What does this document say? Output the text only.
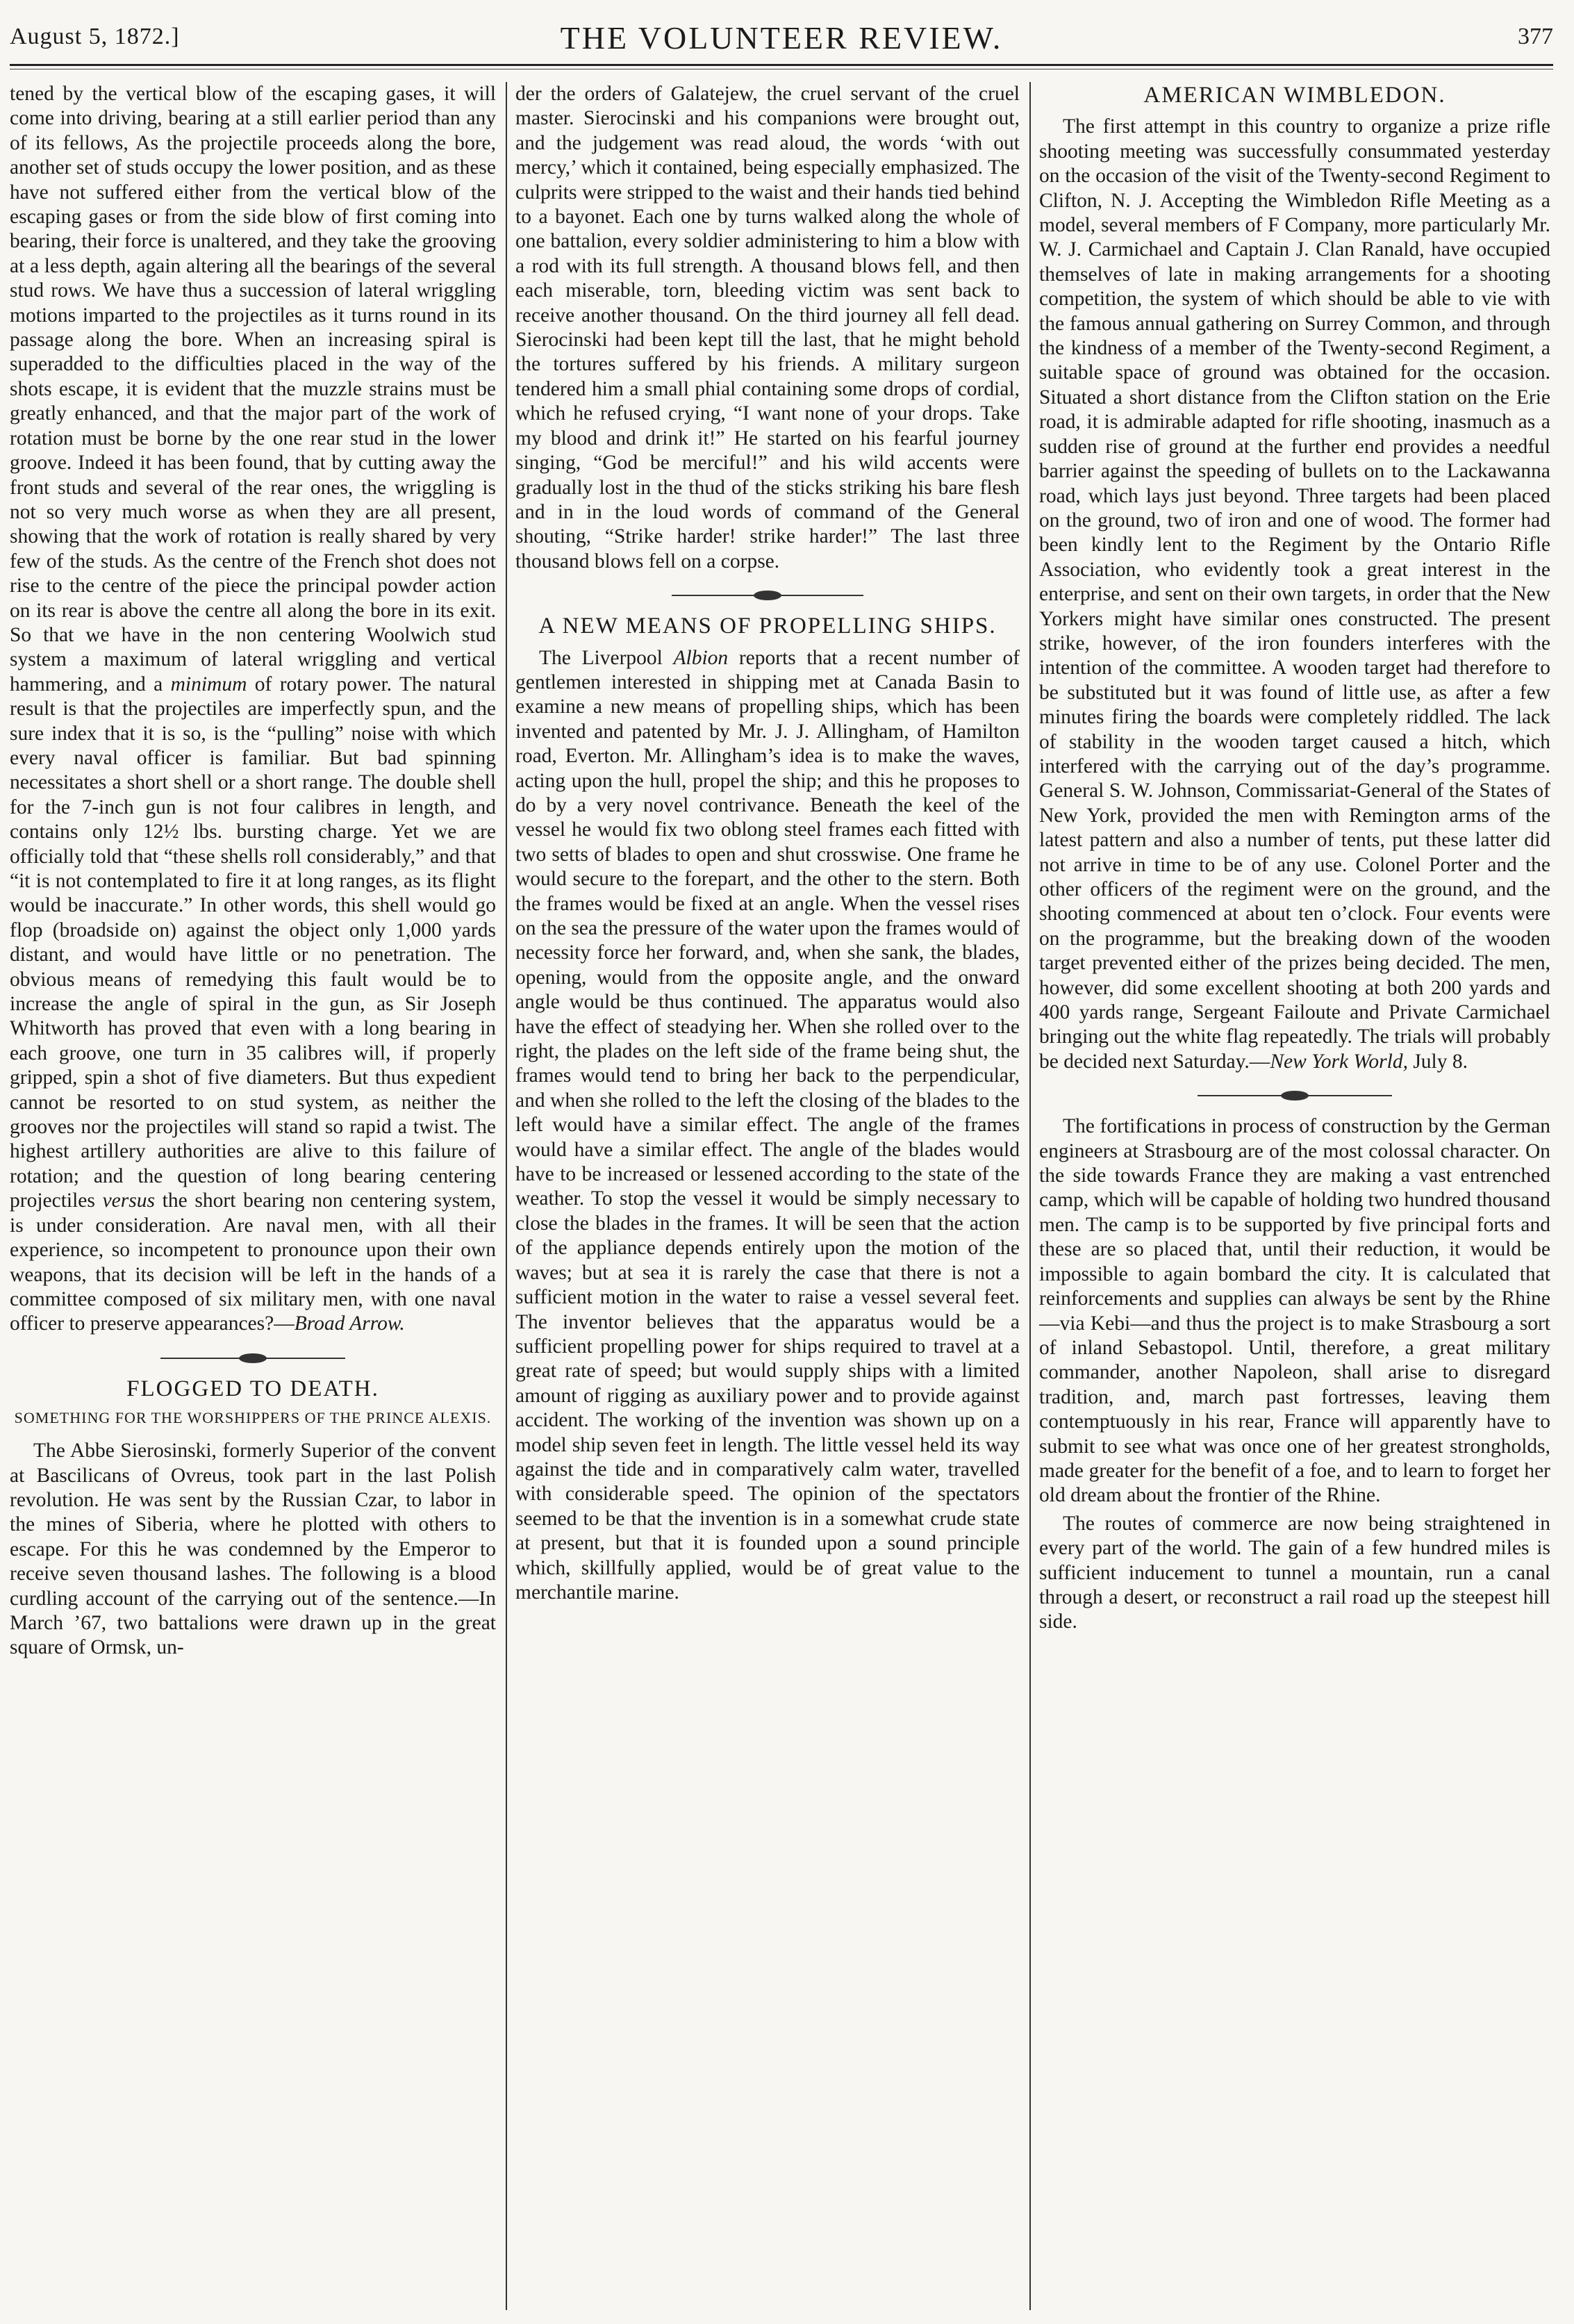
August 5, 1872.]	THE VOLUNTEER REVIEW.	377

tened by the vertical blow of the escaping gases, it will come into driving, bearing at a still earlier period than any of its fellows, As the projectile proceeds along the bore, another set of studs occupy the lower position, and as these have not suffered either from the vertical blow of the escaping gases or from the side blow of first coming into bearing, their force is unaltered, and they take the grooving at a less depth, again altering all the bearings of the several stud rows. We have thus a succession of lateral wriggling motions imparted to the projectiles as it turns round in its passage along the bore. When an increasing spiral is superadded to the difficulties placed in the way of the shots escape, it is evident that the muzzle strains must be greatly enhanced, and that the major part of the work of rotation must be borne by the one rear stud in the lower groove. Indeed it has been found, that by cutting away the front studs and several of the rear ones, the wriggling is not so very much worse as when they are all present, showing that the work of rotation is really shared by very few of the studs. As the centre of the French shot does not rise to the centre of the piece the principal powder action on its rear is above the centre all along the bore in its exit. So that we have in the non centering Woolwich stud system a maximum of lateral wriggling and vertical hammering, and a minimum of rotary power. The natural result is that the projectiles are imperfectly spun, and the sure index that it is so, is the “pulling” noise with which every naval officer is familiar. But bad spinning necessitates a short shell or a short range. The double shell for the 7-inch gun is not four calibres in length, and contains only 12½ lbs. bursting charge. Yet we are officially told that “these shells roll considerably,” and that “it is not contemplated to fire it at long ranges, as its flight would be inaccurate.” In other words, this shell would go flop (broadside on) against the object only 1,000 yards distant, and would have little or no penetration. The obvious means of remedying this fault would be to increase the angle of spiral in the gun, as Sir Joseph Whitworth has proved that even with a long bearing in each groove, one turn in 35 calibres will, if properly gripped, spin a shot of five diameters. But thus expedient cannot be resorted to on stud system, as neither the grooves nor the projectiles will stand so rapid a twist. The highest artillery authorities are alive to this failure of rotation; and the question of long bearing centering projectiles versus the short bearing non centering system, is under consideration. Are naval men, with all their experience, so incompetent to pronounce upon their own weapons, that its decision will be left in the hands of a committee composed of six military men, with one naval officer to preserve appearances?—Broad Arrow.

FLOGGED TO DEATH.
SOMETHING FOR THE WORSHIPPERS OF THE PRINCE ALEXIS.

The Abbe Sierosinski, formerly Superior of the convent at Bascilicans of Ovreus, took part in the last Polish revolution. He was sent by the Russian Czar, to labor in the mines of Siberia, where he plotted with others to escape. For this he was condemned by the Emperor to receive seven thousand lashes. The following is a blood curdling account of the carrying out of the sentence.—In March ’67, two battalions were drawn up in the great square of Ormsk, un-

der the orders of Galatejew, the cruel servant of the cruel master. Sierocinski and his companions were brought out, and the judgement was read aloud, the words ‘with out mercy,’ which it contained, being especially emphasized. The culprits were stripped to the waist and their hands tied behind to a bayonet. Each one by turns walked along the whole of one battalion, every soldier administering to him a blow with a rod with its full strength. A thousand blows fell, and then each miserable, torn, bleeding victim was sent back to receive another thousand. On the third journey all fell dead. Sierocinski had been kept till the last, that he might behold the tortures suffered by his friends. A military surgeon tendered him a small phial containing some drops of cordial, which he refused crying, “I want none of your drops. Take my blood and drink it!” He started on his fearful journey singing, “God be merciful!” and his wild accents were gradually lost in the thud of the sticks striking his bare flesh and in in the loud words of command of the General shouting, “Strike harder! strike harder!” The last three thousand blows fell on a corpse.

A NEW MEANS OF PROPELLING SHIPS.

The Liverpool Albion reports that a recent number of gentlemen interested in shipping met at Canada Basin to examine a new means of propelling ships, which has been invented and patented by Mr. J. J. Allingham, of Hamilton road, Everton. Mr. Allingham’s idea is to make the waves, acting upon the hull, propel the ship; and this he proposes to do by a very novel contrivance. Beneath the keel of the vessel he would fix two oblong steel frames each fitted with two setts of blades to open and shut crosswise. One frame he would secure to the forepart, and the other to the stern. Both the frames would be fixed at an angle. When the vessel rises on the sea the pressure of the water upon the frames would of necessity force her forward, and, when she sank, the blades, opening, would from the opposite angle, and the onward angle would be thus continued. The apparatus would also have the effect of steadying her. When she rolled over to the right, the plades on the left side of the frame being shut, the frames would tend to bring her back to the perpendicular, and when she rolled to the left the closing of the blades to the left would have a similar effect. The angle of the frames would have a similar effect. The angle of the blades would have to be increased or lessened according to the state of the weather. To stop the vessel it would be simply necessary to close the blades in the frames. It will be seen that the action of the appliance depends entirely upon the motion of the waves; but at sea it is rarely the case that there is not a sufficient motion in the water to raise a vessel several feet. The inventor believes that the apparatus would be a sufficient propelling power for ships required to travel at a great rate of speed; but would supply ships with a limited amount of rigging as auxiliary power and to provide against accident. The working of the invention was shown up on a model ship seven feet in length. The little vessel held its way against the tide and in comparatively calm water, travelled with considerable speed. The opinion of the spectators seemed to be that the invention is in a somewhat crude state at present, but that it is founded upon a sound principle which, skillfully applied, would be of great value to the merchantile marine.

AMERICAN WIMBLEDON.

The first attempt in this country to organize a prize rifle shooting meeting was successfully consummated yesterday on the occasion of the visit of the Twenty-second Regiment to Clifton, N. J. Accepting the Wimbledon Rifle Meeting as a model, several members of F Company, more particularly Mr. W. J. Carmichael and Captain J. Clan Ranald, have occupied themselves of late in making arrangements for a shooting competition, the system of which should be able to vie with the famous annual gathering on Surrey Common, and through the kindness of a member of the Twenty-second Regiment, a suitable space of ground was obtained for the occasion. Situated a short distance from the Clifton station on the Erie road, it is admirable adapted for rifle shooting, inasmuch as a sudden rise of ground at the further end provides a needful barrier against the speeding of bullets on to the Lackawanna road, which lays just beyond. Three targets had been placed on the ground, two of iron and one of wood. The former had been kindly lent to the Regiment by the Ontario Rifle Association, who evidently took a great interest in the enterprise, and sent on their own targets, in order that the New Yorkers might have similar ones constructed. The present strike, however, of the iron founders interferes with the intention of the committee. A wooden target had therefore to be substituted but it was found of little use, as after a few minutes firing the boards were completely riddled. The lack of stability in the wooden target caused a hitch, which interfered with the carrying out of the day’s programme. General S. W. Johnson, Commissariat-General of the States of New York, provided the men with Remington arms of the latest pattern and also a number of tents, put these latter did not arrive in time to be of any use. Colonel Porter and the other officers of the regiment were on the ground, and the shooting commenced at about ten o’clock. Four events were on the programme, but the breaking down of the wooden target prevented either of the prizes being decided. The men, however, did some excellent shooting at both 200 yards and 400 yards range, Sergeant Failoute and Private Carmichael bringing out the white flag repeatedly. The trials will probably be decided next Saturday.—New York World, July 8.

The fortifications in process of construction by the German engineers at Strasbourg are of the most colossal character. On the side towards France they are making a vast entrenched camp, which will be capable of holding two hundred thousand men. The camp is to be supported by five principal forts and these are so placed that, until their reduction, it would be impossible to again bombard the city. It is calculated that reinforcements and supplies can always be sent by the Rhine—via Kebi—and thus the project is to make Strasbourg a sort of inland Sebastopol. Until, therefore, a great military commander, another Napoleon, shall arise to disregard tradition, and, march past fortresses, leaving them contemptuously in his rear, France will apparently have to submit to see what was once one of her greatest strongholds, made greater for the benefit of a foe, and to learn to forget her old dream about the frontier of the Rhine.

The routes of commerce are now being straightened in every part of the world. The gain of a few hundred miles is sufficient inducement to tunnel a mountain, run a canal through a desert, or reconstruct a rail road up the steepest hill side.
